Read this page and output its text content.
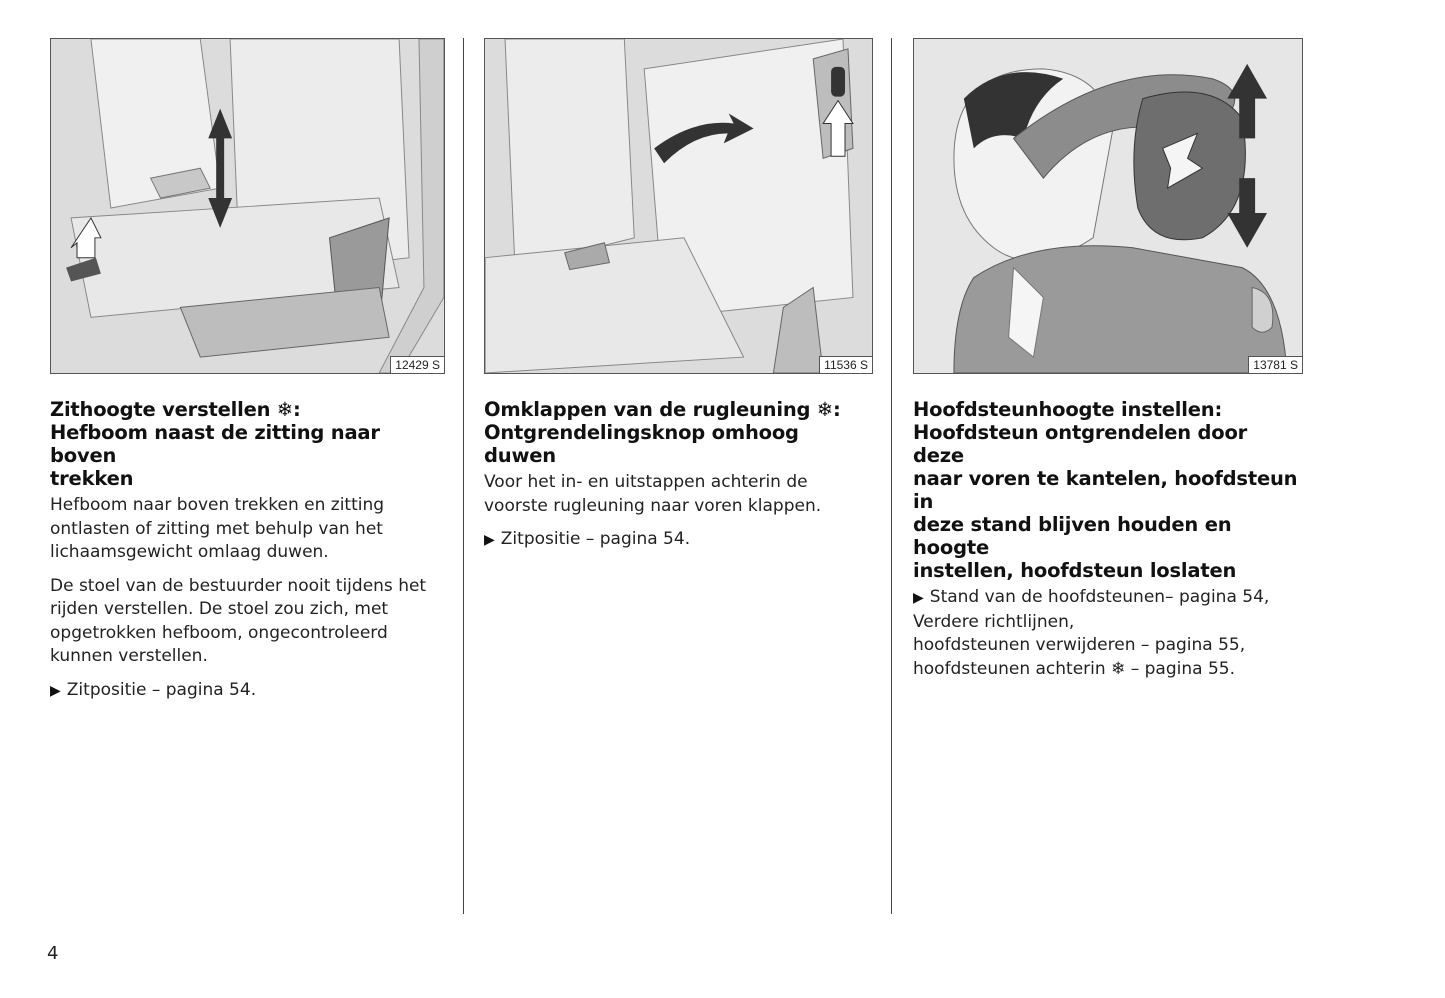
12429 S
Zithoogte verstellen ❄:
Hefboom naast de zitting naar boven
trekken

Hefboom naar boven trekken en zitting ontlasten of zitting met behulp van het lichaamsgewicht omlaag duwen.

De stoel van de bestuurder nooit tijdens het rijden verstellen. De stoel zou zich, met opgetrokken hefboom, ongecontroleerd kunnen verstellen.

▶ Zitpositie – pagina 54.

11536 S
Omklappen van de rugleuning ❄:
Ontgrendelingsknop omhoog duwen

Voor het in- en uitstappen achterin de voorste rugleuning naar voren klappen.

▶ Zitpositie – pagina 54.

13781 S
Hoofdsteunhoogte instellen:
Hoofdsteun ontgrendelen door deze
naar voren te kantelen, hoofdsteun in
deze stand blijven houden en hoogte
instellen, hoofdsteun loslaten

▶ Stand van de hoofdsteunen– pagina 54,
Verdere richtlijnen,
hoofdsteunen verwijderen – pagina 55,
hoofdsteunen achterin ❄ – pagina 55.

4
